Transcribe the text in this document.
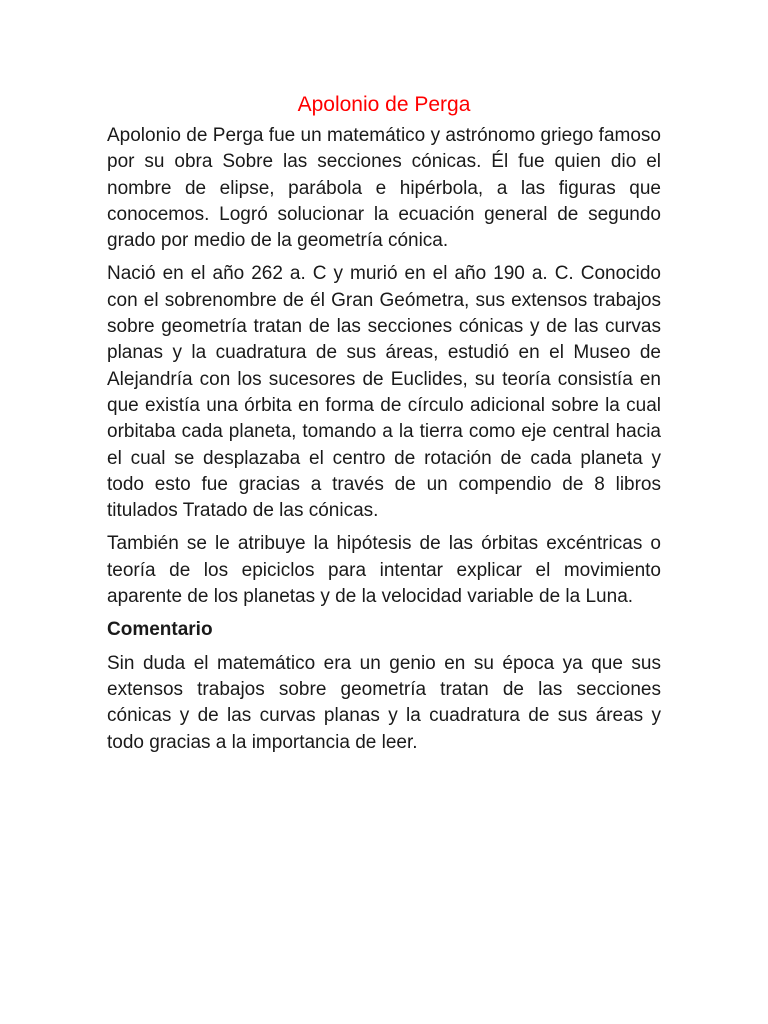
Apolonio de Perga

Apolonio de Perga fue un matemático y astrónomo griego famoso por su obra Sobre las secciones cónicas. Él fue quien dio el nombre de elipse, parábola e hipérbola, a las figuras que conocemos. Logró solucionar la ecuación general de segundo grado por medio de la geometría cónica.

Nació en el año 262 a. C y murió en el año 190 a. C. Conocido con el sobrenombre de él Gran Geómetra, sus extensos trabajos sobre geometría tratan de las secciones cónicas y de las curvas planas y la cuadratura de sus áreas, estudió en el Museo de Alejandría con los sucesores de Euclides, su teoría consistía en que existía una órbita en forma de círculo adicional sobre la cual orbitaba cada planeta, tomando a la tierra como eje central hacia el cual se desplazaba el centro de rotación de cada planeta y todo esto fue gracias a través de un compendio de 8 libros titulados Tratado de las cónicas.

También se le atribuye la hipótesis de las órbitas excéntricas o teoría de los epiciclos para intentar explicar el movimiento aparente de los planetas y de la velocidad variable de la Luna.

Comentario

Sin duda el matemático era un genio en su época ya que sus extensos trabajos sobre geometría tratan de las secciones cónicas y de las curvas planas y la cuadratura de sus áreas y todo gracias a la importancia de leer.
